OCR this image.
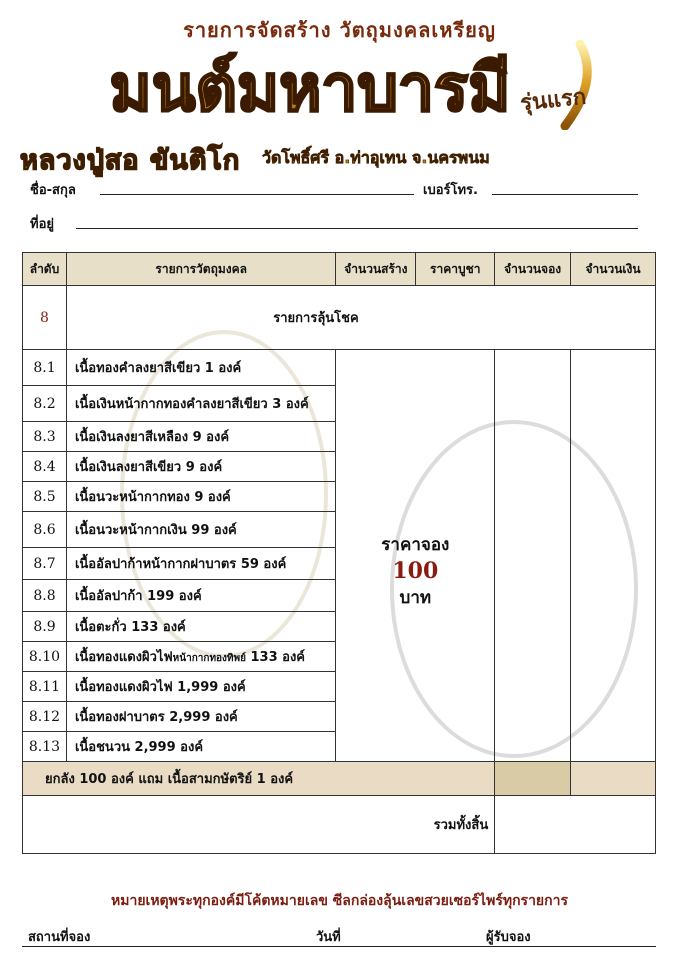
รายการจัดสร้าง วัตถุมงคลเหรียญ
มนต์มหาบารมี รุ่นแรก
หลวงปู่สอ ขันติโก วัดโพธิ์ศรี อ.ท่าอุเทน จ.นครพนม
ชื่อ-สกุล	เบอร์โทร.
ที่อยู่
ลำดับ	รายการวัตถุมงคล	จำนวนสร้าง	ราคาบูชา	จำนวนจอง	จำนวนเงิน
8	รายการลุ้นโชค				
8.1	เนื้อทองคำลงยาสีเขียว 1 องค์	ราคาจอง
100
บาท			

8.2	เนื้อเงินหน้ากากทองคำลงยาสีเขียว 3 องค์				
8.3	เนื้อเงินลงยาสีเหลือง 9 องค์				
8.4	เนื้อเงินลงยาสีเขียว 9 องค์				
8.5	เนื้อนวะหน้ากากทอง 9 องค์				
8.6	เนื้อนวะหน้ากากเงิน 99 องค์				
8.7	เนื้ออัลปาก้าหน้ากากฝาบาตร 59 องค์				
8.8	เนื้ออัลปาก้า 199 องค์				
8.9	เนื้อตะกั่ว 133 องค์				
8.10	เนื้อทองแดงผิวไฟหน้ากากทองทิพย์ 133 องค์				
8.11	เนื้อทองแดงผิวไฟ 1,999 องค์				
8.12	เนื้อทองฝาบาตร 2,999 องค์				
8.13	เนื้อชนวน 2,999 องค์				
ยกลัง 100 องค์ แถม เนื้อสามกษัตริย์ 1 องค์					
รวมทั้งสิ้น					
หมายเหตุพระทุกองค์มีโค้ตหมายเลข ซีลกล่องลุ้นเลขสวยเซอร์ไพร์ทุกรายการ
สถานที่จอง	วันที่	ผู้รับจอง
